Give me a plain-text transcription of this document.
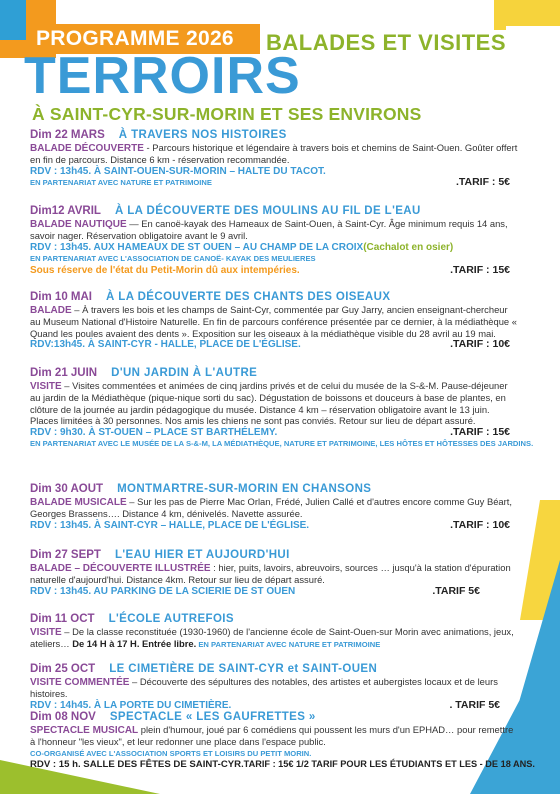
PROGRAMME 2026	BALADES ET VISITES
TERROIRS
À SAINT-CYR-SUR-MORIN ET SES ENVIRONS
Dim 22 MARS À TRAVERS NOS HISTOIRES
BALADE DÉCOUVERTE - Parcours historique et légendaire à travers bois et chemins de Saint-Ouen. Goûter offert en fin de parcours. Distance 6 km - réservation recommandée.
RDV : 13h45. À SAINT-OUEN-SUR-MORIN – HALTE DU TACOT.
EN PARTENARIAT AVEC NATURE ET PATRIMOINE	.TARIF : 5€
Dim12 AVRIL À LA DÉCOUVERTE DES MOULINS AU FIL DE L'EAU
BALADE NAUTIQUE — En canoë-kayak des Hameaux de Saint-Ouen, à Saint-Cyr. Âge minimum requis 14 ans, savoir nager. Réservation obligatoire avant le 9 avril.
RDV : 13h45. AUX HAMEAUX DE ST OUEN – AU CHAMP DE LA CROIX (Cachalot en osier)
EN PARTENARIAT AVEC L'ASSOCIATION DE CANOË- KAYAK DES MEULIERES
Sous réserve de l'état du Petit-Morin dû aux intempéries.	.TARIF : 15€
Dim 10 MAI À LA DÉCOUVERTE DES CHANTS DES OISEAUX
BALADE – À travers les bois et les champs de Saint-Cyr, commentée par Guy Jarry, ancien enseignant-chercheur au Museum National d'Histoire Naturelle. En fin de parcours conférence présentée par ce dernier, à la médiathèque « Quand les poules avaient des dents ». Exposition sur les oiseaux à la médiathèque visible du 28 avril au 19 mai.
RDV:13h45. À SAINT-CYR - HALLE, PLACE DE L'ÉGLISE.	.TARIF : 10€
Dim 21 JUIN D'UN JARDIN À L'AUTRE
VISITE – Visites commentées et animées de cinq jardins privés et de celui du musée de la S-&-M. Pause-déjeuner au jardin de la Médiathèque (pique-nique sorti du sac). Dégustation de boissons et douceurs à base de plantes, en clôture de la journée au jardin pédagogique du musée. Distance 4 km – réservation obligatoire avant le 13 juin. Places limitées à 30 personnes. Nos amis les chiens ne sont pas conviés. Retour sur lieu de départ assuré.
RDV : 9h30. À ST-OUEN – PLACE ST BARTHÉLEMY.	.TARIF : 15€
EN PARTENARIAT AVEC LE MUSÉE DE LA S-&-M, LA MÉDIATHÈQUE, NATURE ET PATRIMOINE, LES HÔTES ET HÔTESSES DES JARDINS.
Dim 30 AOUT MONTMARTRE-SUR-MORIN EN CHANSONS
BALADE MUSICALE – Sur les pas de Pierre Mac Orlan, Frédé, Julien Callé et d'autres encore comme Guy Béart, Georges Brassens…. Distance 4 km, dénivelés. Navette assurée.
RDV : 13h45. À SAINT-CYR – HALLE, PLACE DE L'ÉGLISE.	.TARIF : 10€
Dim 27 SEPT L'EAU HIER ET AUJOURD'HUI
BALADE – DÉCOUVERTE ILLUSTRÉE : hier, puits, lavoirs, abreuvoirs, sources … jusqu'à la station d'épuration naturelle d'aujourd'hui. Distance 4km. Retour sur lieu de départ assuré.
RDV : 13h45. AU PARKING DE LA SCIERIE DE ST OUEN	.TARIF 5€
Dim 11 OCT L'ÉCOLE AUTREFOIS
VISITE – De la classe reconstituée (1930-1960) de l'ancienne école de Saint-Ouen-sur Morin avec animations, jeux, ateliers… De 14 H à 17 H. Entrée libre. EN PARTENARIAT AVEC NATURE ET PATRIMOINE
Dim 25 OCT LE CIMETIÈRE DE SAINT-CYR et SAINT-OUEN
VISITE COMMENTÉE – Découverte des sépultures des notables, des artistes et aubergistes locaux et de leurs histoires.
RDV : 14h45. À LA PORTE DU CIMETIÈRE.	. TARIF 5€
Dim 08 NOV SPECTACLE « LES GAUFRETTES »
SPECTACLE MUSICAL plein d'humour, joué par 6 comédiens qui poussent les murs d'un EPHAD… pour remettre à l'honneur "les vieux", et leur redonner une place dans l'espace public.
CO-ORGANISÉ AVEC L'ASSOCIATION SPORTS ET LOISIRS DU PETIT MORIN.
RDV : 15 h. SALLE DES FÊTES DE SAINT-CYR .TARIF : 15€ 1/2 TARIF POUR LES ÉTUDIANTS ET LES - DE 18 ANS.
